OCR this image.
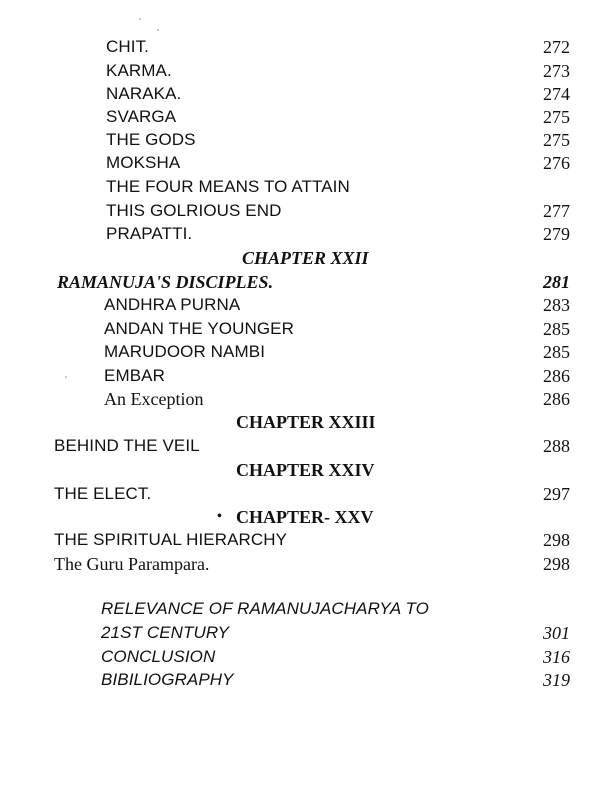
CHIT.	272
KARMA.	273
NARAKA.	274
SVARGA	275
THE GODS	275
MOKSHA	276
THE FOUR MEANS TO ATTAIN
THIS GOLRIOUS END	277
PRAPATTI.	279
CHAPTER XXII
RAMANUJA'S DISCIPLES.	281
ANDHRA PURNA	283
ANDAN THE YOUNGER	285
MARUDOOR NAMBI	285
EMBAR	286
An Exception	286
CHAPTER XXIII
BEHIND THE VEIL	288
CHAPTER XXIV
THE ELECT.	297
• CHAPTER- XXV
THE SPIRITUAL HIERARCHY	298
The Guru Parampara.	298
RELEVANCE OF RAMANUJACHARYA TO
21ST CENTURY	301
CONCLUSION	316
BIBILIOGRAPHY	319
